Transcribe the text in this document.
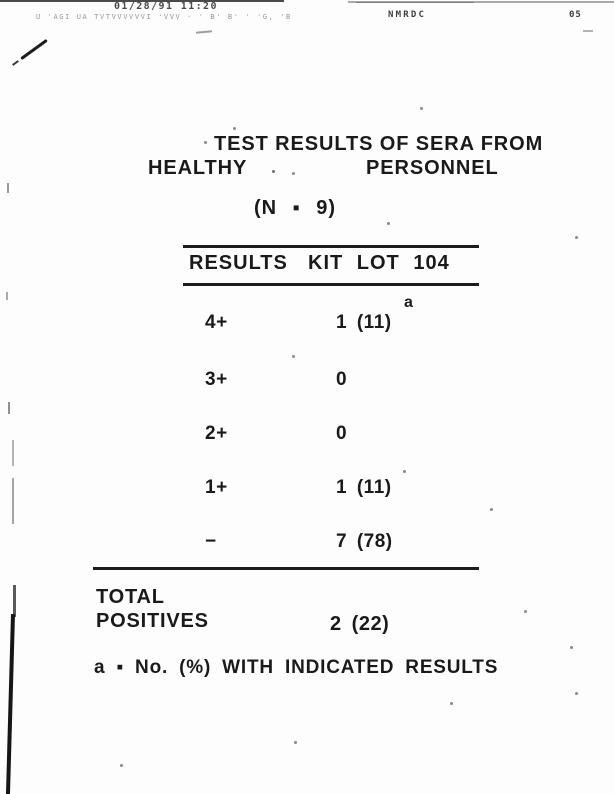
01/28/91 11:20
U 'AGI UA TVTVVVVVVI 'VVV · ' B' B' ' 'G, 'B	NMRDC	05
TEST RESULTS OF SERA FROM
HEALTHY	PERSONNEL
(N ▪ 9)
RESULTS KIT LOT 104
a
4+	1 (11)
3+	0
2+	0
1+	1 (11)
−	7 (78)
TOTAL
POSITIVES	2 (22)
a ▪ No. (%) WITH INDICATED RESULTS
